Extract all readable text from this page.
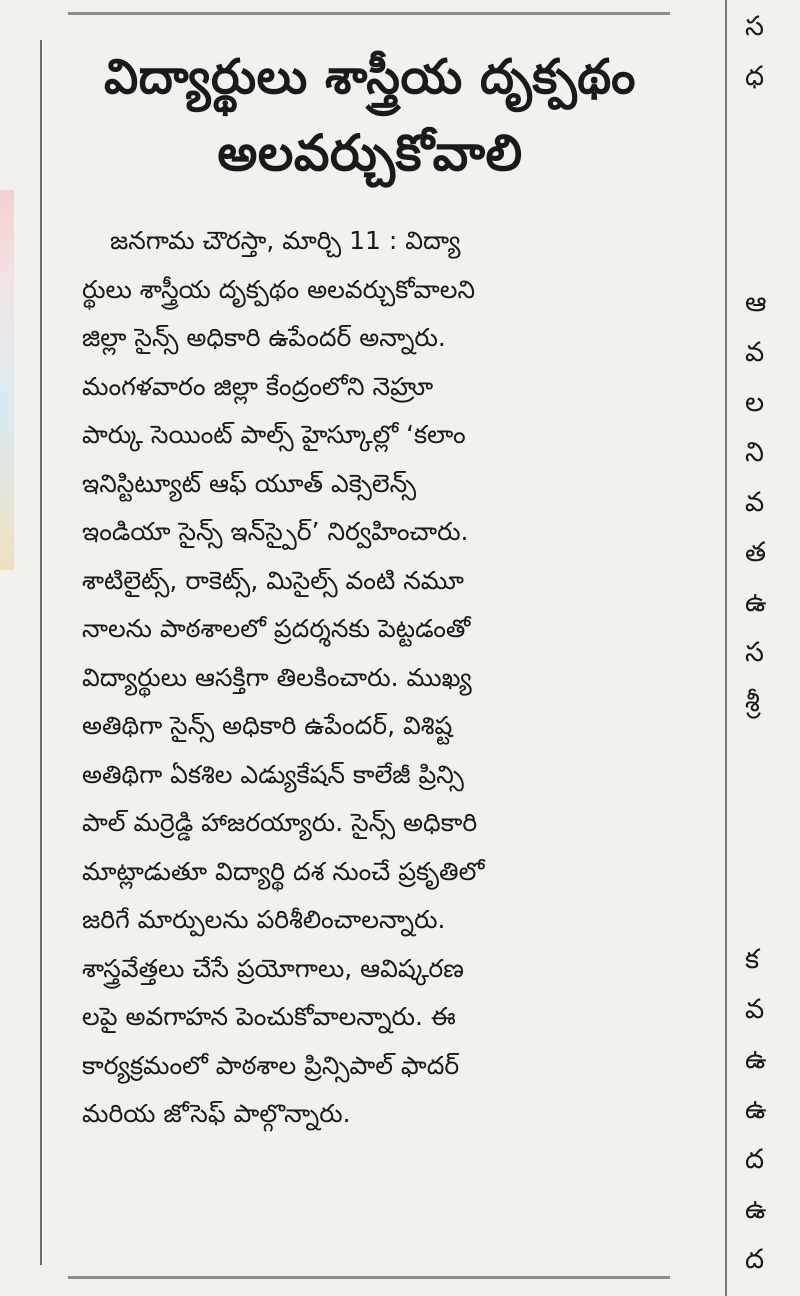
విద్యార్థులు శాస్త్రీయ దృక్పథం
అలవర్చుకోవాలి
జనగామ చౌరస్తా, మార్చి 11 : విద్యా
ర్థులు శాస్త్రీయ దృక్పథం అలవర్చుకోవాలని
జిల్లా సైన్స్ అధికారి ఉపేందర్ అన్నారు.
మంగళవారం జిల్లా కేంద్రంలోని నెహ్రూ
పార్కు సెయింట్ పాల్స్ హైస్కూల్లో ‘కలాం
ఇనిస్టిట్యూట్ ఆఫ్ యూత్ ఎక్సెలెన్స్
ఇండియా సైన్స్ ఇన్‌స్పైర్’ నిర్వహించారు.
శాటిలైట్స్, రాకెట్స్, మిసైల్స్ వంటి నమూ
నాలను పాఠశాలలో ప్రదర్శనకు పెట్టడంతో
విద్యార్థులు ఆసక్తిగా తిలకించారు. ముఖ్య
అతిథిగా సైన్స్ అధికారి ఉపేందర్, విశిష్ట
అతిథిగా ఏకశిల ఎడ్యుకేషన్ కాలేజీ ప్రిన్సి
పాల్ మర్రెడ్డి హాజరయ్యారు. సైన్స్ అధికారి
మాట్లాడుతూ విద్యార్థి దశ నుంచే ప్రకృతిలో
జరిగే మార్పులను పరిశీలించాలన్నారు.
శాస్త్రవేత్తలు చేసే ప్రయోగాలు, ఆవిష్కరణ
లపై అవగాహన పెంచుకోవాలన్నారు. ఈ
కార్యక్రమంలో పాఠశాల ప్రిన్సిపాల్ ఫాదర్
మరియ జోసెఫ్ పాల్గొన్నారు.
స
ధ
ఆ
వ
ల
ని
వ
త
ఉ
స
శ్రీ
క
వ
ఉ
ఉ
ద
ఉ
ద
